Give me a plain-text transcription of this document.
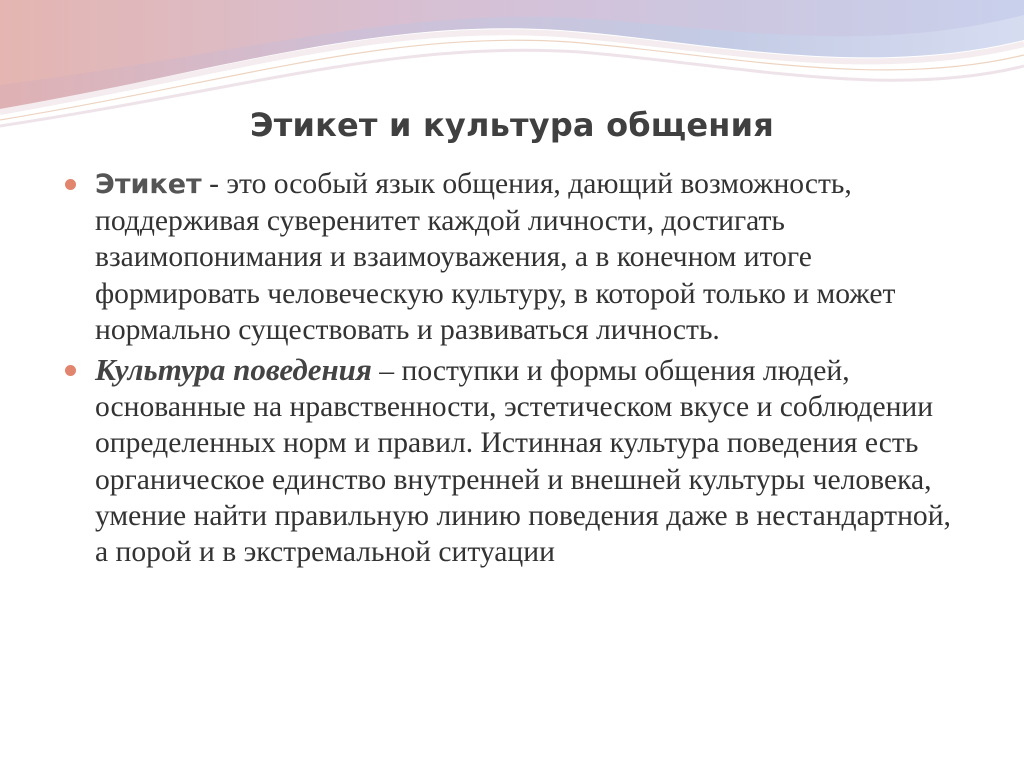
Этикет и культура общения
Этикет - это особый язык общения, дающий возможность, поддерживая суверенитет каждой личности, достигать взаимопонимания и взаимоуважения, а в конечном итоге формировать человеческую культуру, в которой только и может нормально существовать и развиваться личность.
Культура поведения – поступки и формы общения людей, основанные на нравственности, эстетическом вкусе и соблюдении определенных норм и правил. Истинная культура поведения есть органическое единство внутренней и внешней культуры человека, умение найти правильную линию поведения даже в нестандартной, а порой и в экстремальной ситуации
